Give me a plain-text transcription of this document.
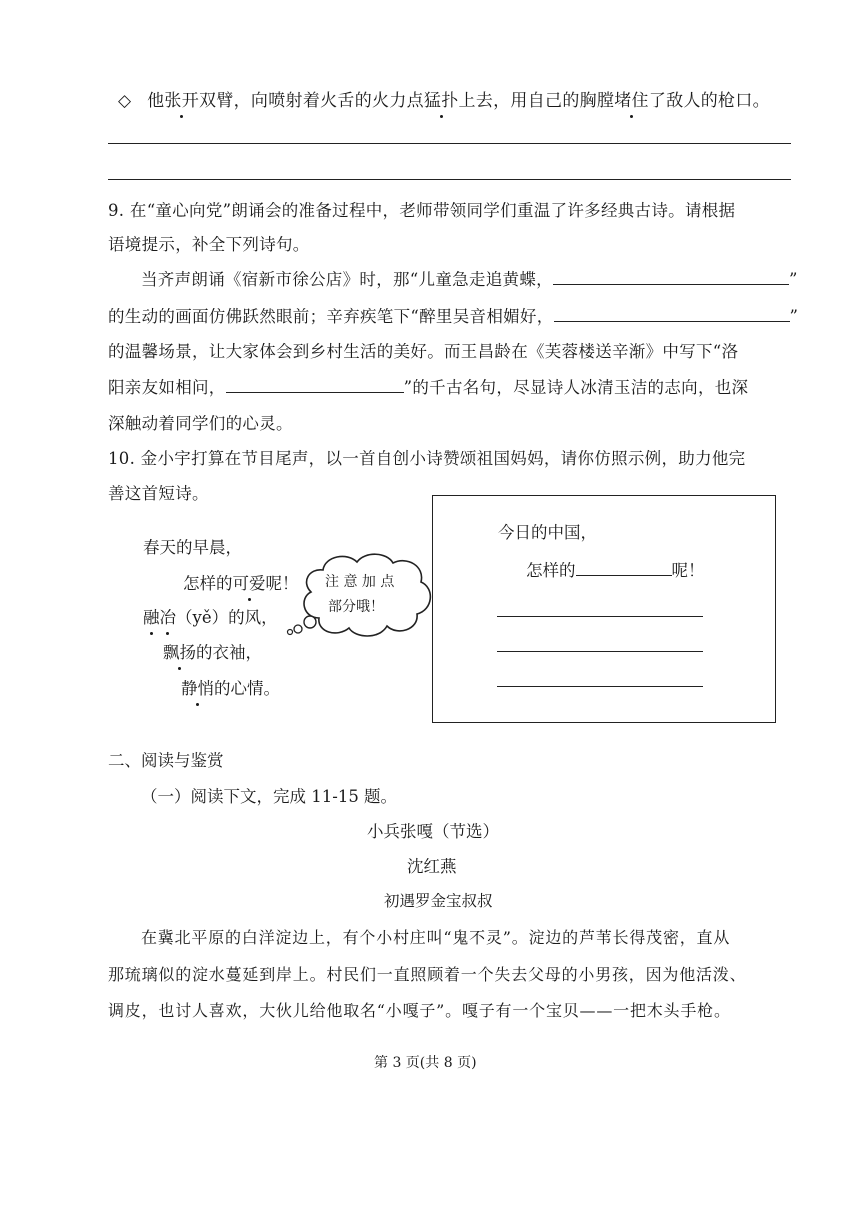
◇ 他张开双臂，向喷射着火舌的火力点猛扑上去，用自己的胸膛堵住了敌人的枪口。
9. 在“童心向党”朗诵会的准备过程中，老师带领同学们重温了许多经典古诗。请根据
语境提示，补全下列诗句。
当齐声朗诵《宿新市徐公店》时，那“儿童急走追黄蝶，	”
的生动的画面仿佛跃然眼前；辛弃疾笔下“醉里吴音相媚好，	”
的温馨场景，让大家体会到乡村生活的美好。而王昌龄在《芙蓉楼送辛渐》中写下“洛
阳亲友如相问，	”的千古名句，尽显诗人冰清玉洁的志向，也深
深触动着同学们的心灵。
10. 金小宇打算在节目尾声，以一首自创小诗赞颂祖国妈妈，请你仿照示例，助力他完
善这首短诗。
春天的早晨，
怎样的可爱呢！
融冶（yě）的风，
飘扬的衣袖，
静悄的心情。
注 意 加 点
部分哦！
今日的中国，
怎样的	呢！
二、阅读与鉴赏
（一）阅读下文，完成 11-15 题。
小兵张嘎（节选）
沈红燕
初遇罗金宝叔叔
在冀北平原的白洋淀边上，有个小村庄叫“鬼不灵”。淀边的芦苇长得茂密，直从
那琉璃似的淀水蔓延到岸上。村民们一直照顾着一个失去父母的小男孩，因为他活泼、
调皮，也讨人喜欢，大伙儿给他取名“小嘎子”。嘎子有一个宝贝——一把木头手枪。
第 3 页(共 8 页)
